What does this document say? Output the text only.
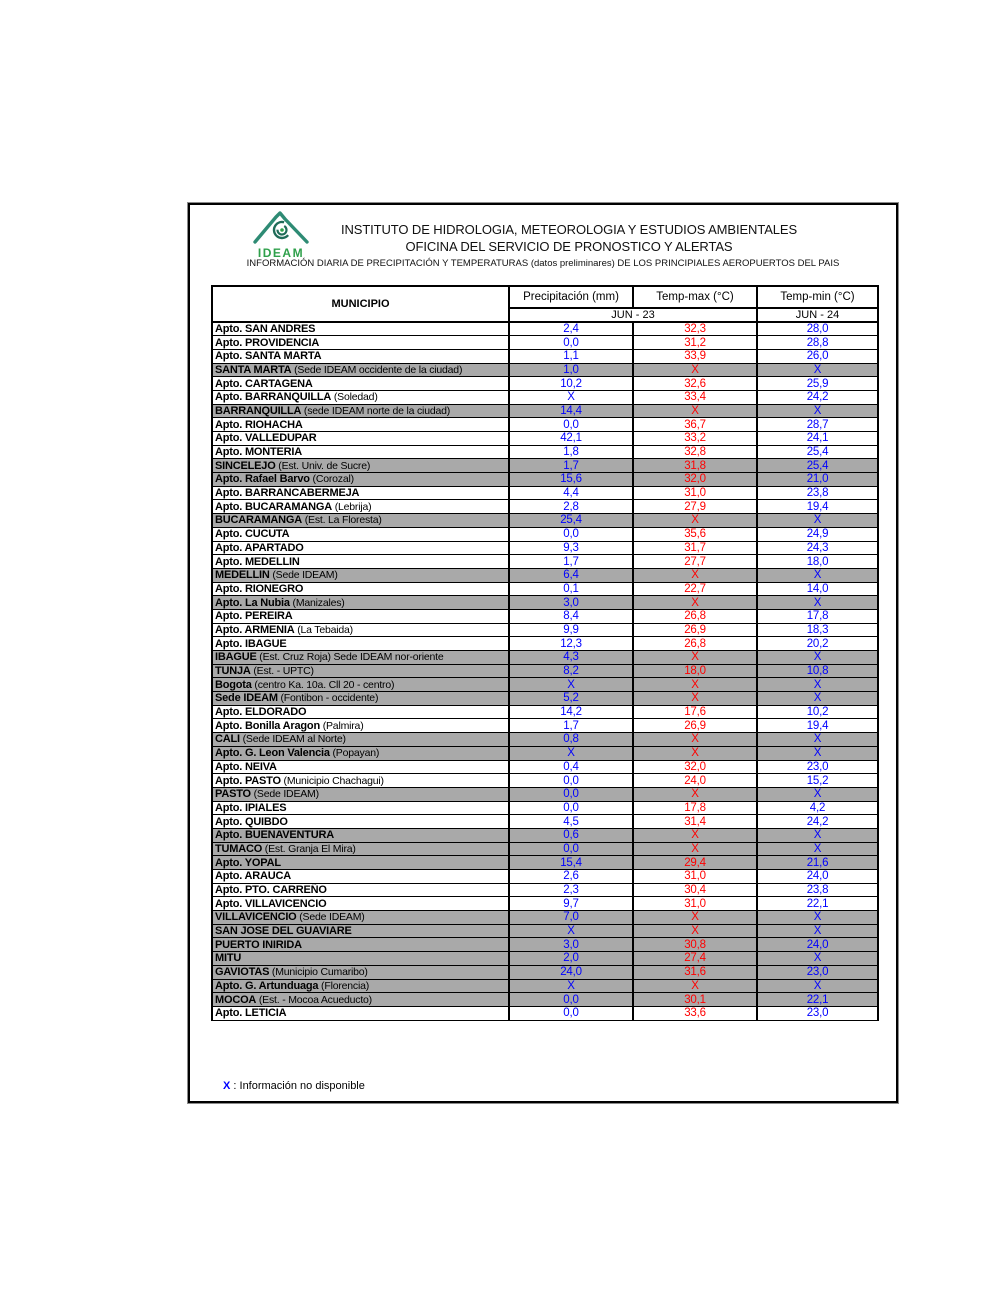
IDEAM
INSTITUTO DE HIDROLOGIA, METEOROLOGIA Y ESTUDIOS AMBIENTALES
OFICINA DEL SERVICIO DE PRONOSTICO Y ALERTAS
INFORMACIÓN DIARIA DE PRECIPITACIÓN Y TEMPERATURAS (datos preliminares) DE LOS PRINCIPIALES AEROPUERTOS DEL PAIS
MUNICIPIO	Precipitación (mm)	Temp-max (°C)	Temp-min (°C)
	JUN - 23		JUN - 24
Apto. SAN ANDRES	2,4	32,3	28,0
Apto. PROVIDENCIA	0,0	31,2	28,8
Apto. SANTA MARTA	1,1	33,9	26,0
SANTA MARTA (Sede IDEAM occidente de la ciudad)	1,0	X	X
Apto. CARTAGENA	10,2	32,6	25,9
Apto. BARRANQUILLA (Soledad)	X	33,4	24,2
BARRANQUILLA (sede IDEAM norte de la ciudad)	14,4	X	X
Apto. RIOHACHA	0,0	36,7	28,7
Apto. VALLEDUPAR	42,1	33,2	24,1
Apto. MONTERIA	1,8	32,8	25,4
SINCELEJO (Est. Univ. de Sucre)	1,7	31,8	25,4
Apto. Rafael Barvo (Corozal)	15,6	32,0	21,0
Apto. BARRANCABERMEJA	4,4	31,0	23,8
Apto. BUCARAMANGA (Lebrija)	2,8	27,9	19,4
BUCARAMANGA (Est. La Floresta)	25,4	X	X
Apto. CUCUTA	0,0	35,6	24,9
Apto. APARTADO	9,3	31,7	24,3
Apto. MEDELLIN	1,7	27,7	18,0
MEDELLIN (Sede IDEAM)	6,4	X	X
Apto. RIONEGRO	0,1	22,7	14,0
Apto. La Nubia (Manizales)	3,0	X	X
Apto. PEREIRA	8,4	26,8	17,8
Apto. ARMENIA (La Tebaida)	9,9	26,9	18,3
Apto. IBAGUE	12,3	26,8	20,2
IBAGUE (Est. Cruz Roja) Sede IDEAM nor-oriente	4,3	X	X
TUNJA (Est. - UPTC)	8,2	18,0	10,8
Bogota (centro Ka. 10a. Cll 20 - centro)	X	X	X
Sede IDEAM (Fontibon - occidente)	5,2	X	X
Apto. ELDORADO	14,2	17,6	10,2
Apto. Bonilla Aragon (Palmira)	1,7	26,9	19,4
CALI (Sede IDEAM al Norte)	0,8	X	X
Apto. G. Leon Valencia (Popayan)	X	X	X
Apto. NEIVA	0,4	32,0	23,0
Apto. PASTO (Municipio Chachagui)	0,0	24,0	15,2
PASTO (Sede IDEAM)	0,0	X	X
Apto. IPIALES	0,0	17,8	4,2
Apto. QUIBDO	4,5	31,4	24,2
Apto. BUENAVENTURA	0,6	X	X
TUMACO (Est. Granja El Mira)	0,0	X	X
Apto. YOPAL	15,4	29,4	21,6
Apto. ARAUCA	2,6	31,0	24,0
Apto. PTO. CARREÑO	2,3	30,4	23,8
Apto. VILLAVICENCIO	9,7	31,0	22,1
VILLAVICENCIO (Sede IDEAM)	7,0	X	X
SAN JOSE DEL GUAVIARE	X	X	X
PUERTO INIRIDA	3,0	30,8	24,0
MITU	2,0	27,4	X
GAVIOTAS (Municipio Cumaribo)	24,0	31,6	23,0
Apto. G. Artunduaga (Florencia)	X	X	X
MOCOA (Est. - Mocoa Acueducto)	0,0	30,1	22,1
Apto. LETICIA	0,0	33,6	23,0
X : Información no disponible
